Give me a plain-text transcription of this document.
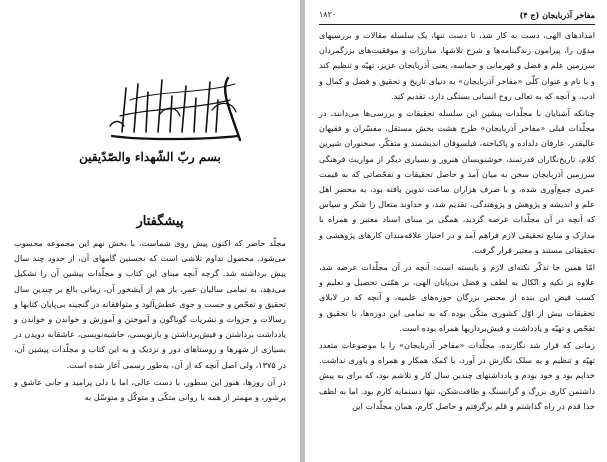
بسم ربّ الشّهداء والصّدّيقين
پیشگفتار

مجلّد حاضر که اکنون پیش روی شماست، با بخش نهم این مجموعه محسوب می‌شود. محصول تداوم تلاشی است که نخستین گامهای آن، از حدود چند سال پیش برداشته شد. گرچه آنچه مبنای این کتاب و مجلّدات پیشین آن را تشکیل می‌دهد، به تمامی سالیان عمر، باز هم از آیشخور آن، زمانی بالغ بر چندین سال تحقیق و تفحّص و جست و جوی عطش‌آلود و متوافقانه در گنجینه‌ بی‌پایان کتابها و رسالات و جزوات و نشریات گوناگون و آموختن و آموزش و خواندن و خواندن و یادداشت برداشتن و فیش‌برداشتن و بازنویسی، حاشیه‌نویسی، عاشقانه دویدن در بسیاری از شهرها و روستاهای دور و نزدیک و به این کتاب و مجلّدات پیشین آن، در ۱۳۷۵، ولی اصل آنچه که از آن، به‌طور رسمی آغاز شده است.

در آن روزها، هنوز این سطور، با دست عالی، اما با دلی پرامید و جانی عاشق و پرشور، و مهمتر از همه با روانی متکّی و متوکّل و متوسّل به

۱۸۲۰	مفاخر آذربایجان (ج ۴)

امدادهای الهی، دست به کار شد، تا دست تنها، یک سلسله مقالات و بررسیهای مدوّن را، پیرامون زندگینامه‌ها و شرح تلاشها، مبارزات و موفقیت‌های بزرگمردان سرزمین علم و فضل و قهرمانی و حماسه، یعنی آذربایجان عزیز، تهیّه و تنظیم کند و با نام و عنوان کلّی «مفاخر آذربایجان» به دنیای تاریخ و تحقیق و فضل و کمال و ادب، و آنچه که به تعالی روح انسانی بستگی دارد، تقدیم کند.

چنانکه آشنایان با مجلّدات پیشین این سلسله تحقیقات و بررسی‌ها می‌دانند، در مجلّدات قبلی «مفاخر آذربایجان» طرح هشت بخش مستقل، مفسّران و فقیهان عالیقدر، عارفان دلداده و پاکباخته، فیلسوفان اندیشمند و متفکّر، سخنوران شیرین کلام، تاریخ‌نگاران قدرتمند، خوشنویسان هنرور و بسیاری دیگر از مواریث فرهنگی سرزمین آذربایجان سخن به میان آمد و حاصل تحقیقات و تفحّصاتی که به قیمت عمری جمع‌آوری شده، و با صرف هزاران ساعت تدوین یافته بود، به محضر اهل علم و اندیشه و پژوهش و پژوهندگی، تقدیم شد، و خداوند متعال را شکر و سپاس که آنچه در آن مجلّدات عرضه گردید، همگی بر مبنای اسناد معتبر و همراه با مدارک و منابع تحقیقی لازم فراهم آمد و در اختیار علاقه‌مندان کارهای پژوهشی و تحقیقاتی مستند و معتبر قرار گرفت.

امّا همین جا تذکّر نکته‌ای لازم و بایسته است: آنچه در آن مجلّدات عرضه شد، علاوه بر تکیه و اتّکال به لطف و فضل بی‌پایان الهی، بر همّتی تحصیل و تعلیم و کسب فیض این بنده از محضر بزرگان حوزه‌های علمیه، و آنچه که در لابلای تحقیقات بیش از اوّل کشوری متکّی بوده که به تمامی این دوره‌ها، با تحقیق و تفحّص و تهیّه و یادداشت و فیش‌برداریها همراه بوده است.

زمانی که قرار شد نگارنده، مجلّدات «مفاخر آذربایجان» را با موضوعات متعدد تهیّه و تنظیم و به سلک نگارش در آورد، با کمک همکار و همراه و یاوری نداشت. خدایم بود و خود بودم و یادداشتهای چندین سال کار و تلاشم بود، که برای به پیش داشتمن کاری بزرگ و گرانسنگ و طاقت‌شکن، تنها دستمایه کارم بود. اما به لطف خدا قدم در راه گذاشتم و قلم برگرفتم و حاصل کارم، همان مجلّدات این
